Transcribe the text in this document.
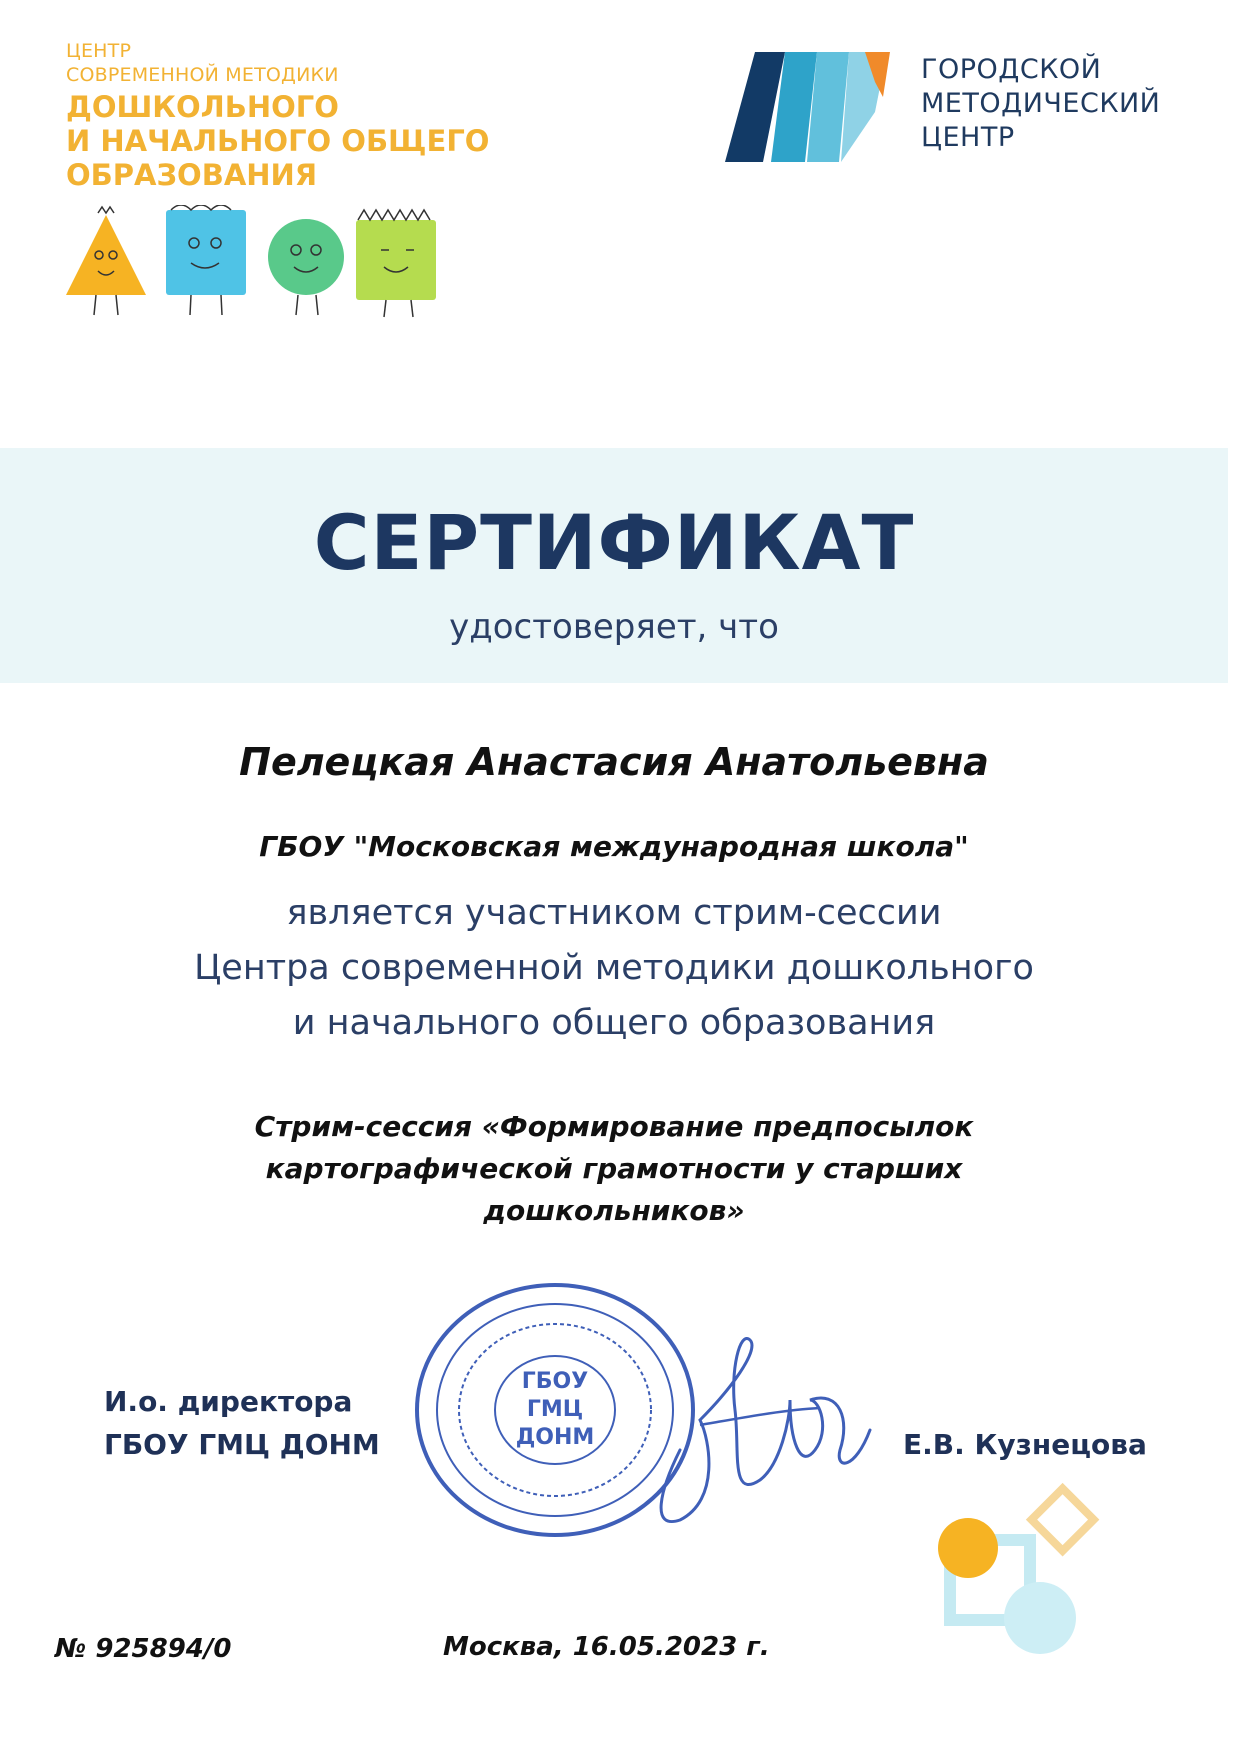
ЦЕНТР
СОВРЕМЕННОЙ МЕТОДИКИ
ДОШКОЛЬНОГО
И НАЧАЛЬНОГО ОБЩЕГО
ОБРАЗОВАНИЯ
ГОРОДСКОЙ
МЕТОДИЧЕСКИЙ
ЦЕНТР
СЕРТИФИКАТ
удостоверяет, что
Пелецкая Анастасия Анатольевна
ГБОУ "Московская международная школа"
является участником стрим-сессии
Центра современной методики дошкольного
и начального общего образования
Стрим-сессия «Формирование предпосылок
картографической грамотности у старших
дошкольников»
ГБОУ
ГМЦ
ДОНМ
И.о. директора
ГБОУ ГМЦ ДОНМ	Е.В. Кузнецова
№ 925894/0	Москва, 16.05.2023 г.
